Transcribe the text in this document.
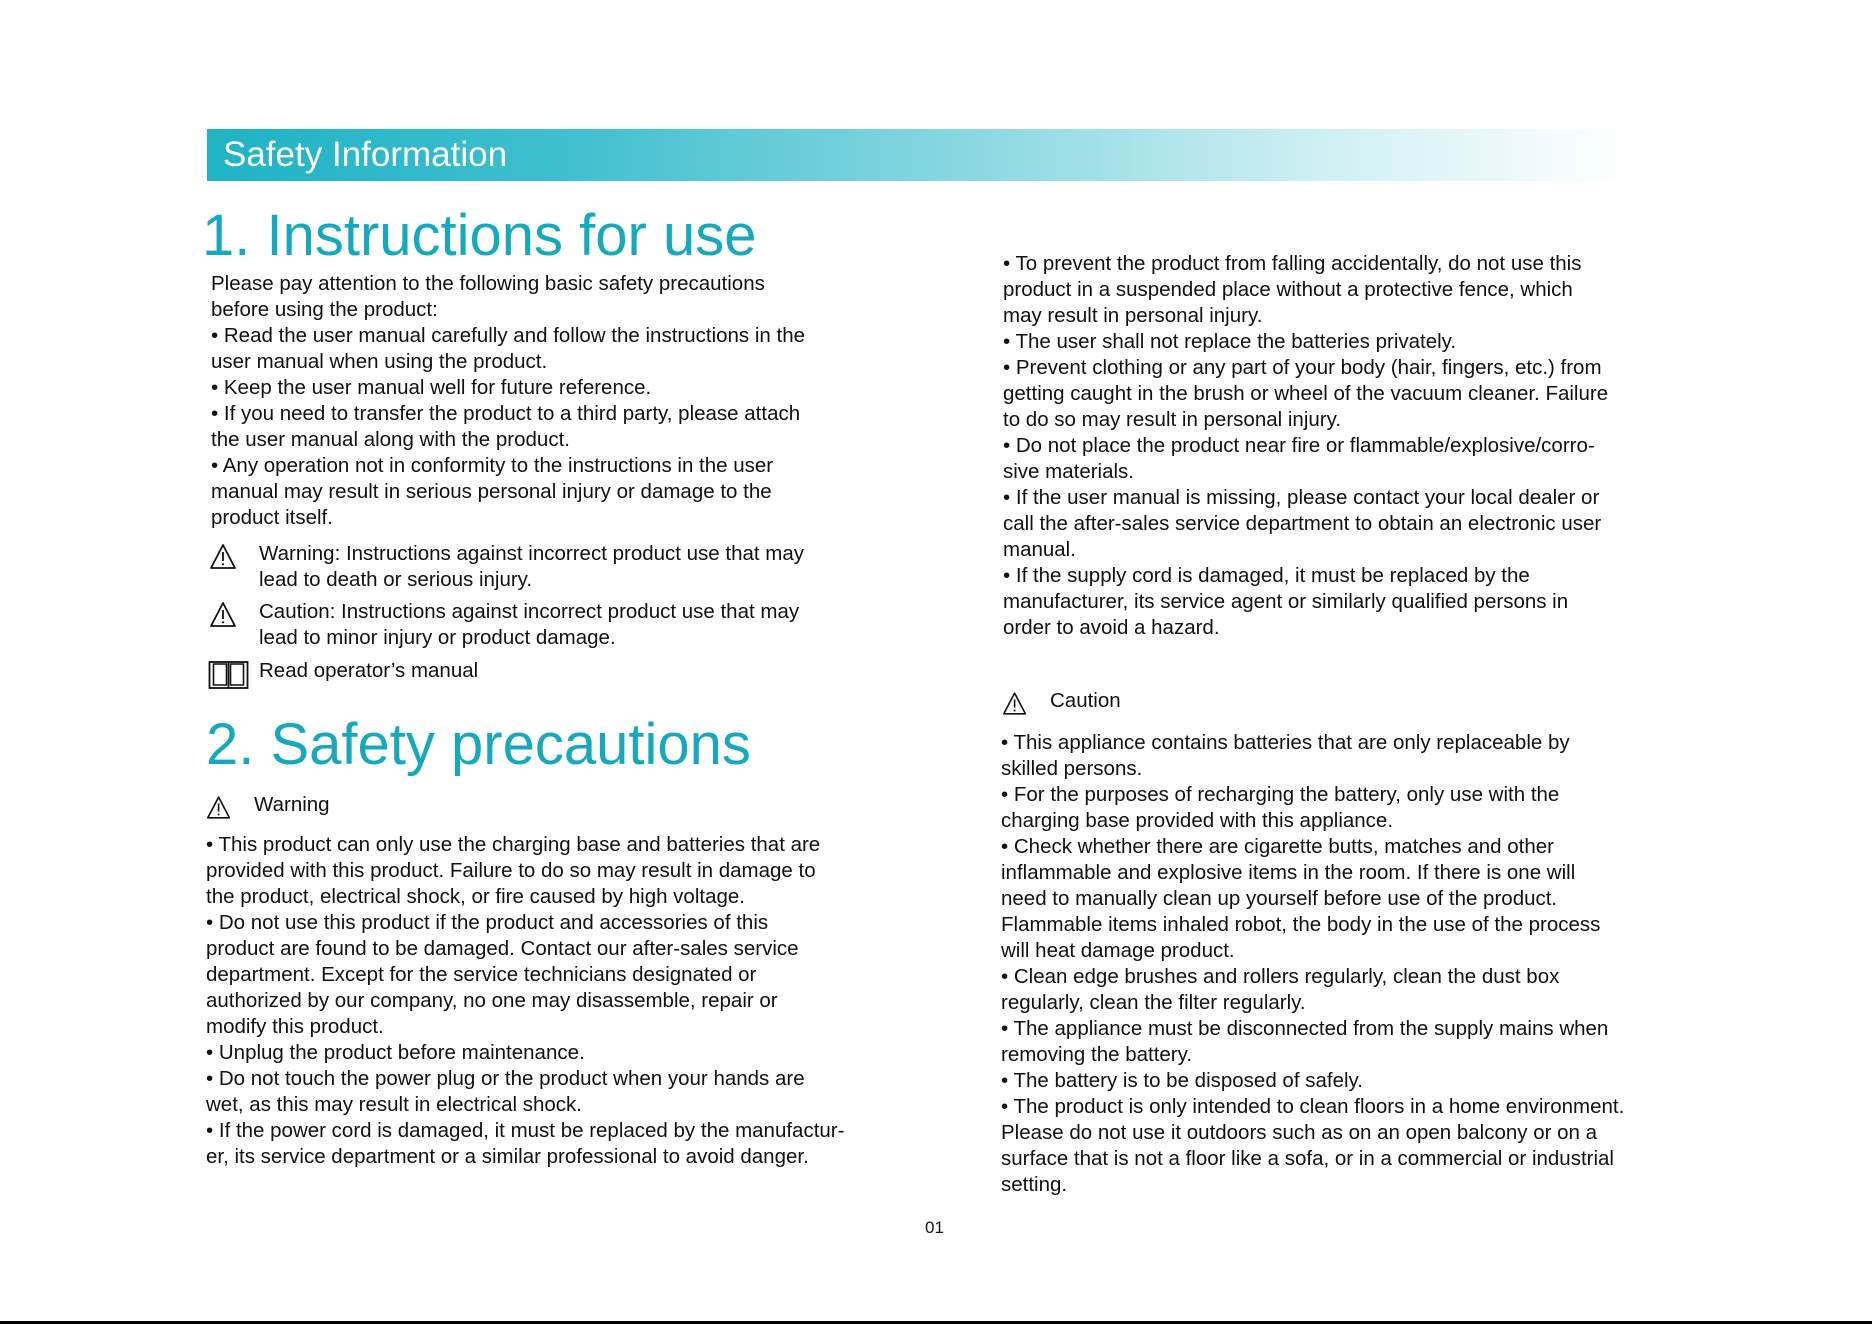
Safety Information
1. Instructions for use

Please pay attention to the following basic safety precautions

before using the product:

• Read the user manual carefully and follow the instructions in the

user manual when using the product.

• Keep the user manual well for future reference.

• If you need to transfer the product to a third party, please attach

the user manual along with the product.

• Any operation not in conformity to the instructions in the user

manual may result in serious personal injury or damage to the

product itself.

Warning: Instructions against incorrect product use that may

lead to death or serious injury.

Caution: Instructions against incorrect product use that may

lead to minor injury or product damage.

Read operator’s manual

2. Safety precautions

Warning

• This product can only use the charging base and batteries that are

provided with this product. Failure to do so may result in damage to

the product, electrical shock, or fire caused by high voltage.

• Do not use this product if the product and accessories of this

product are found to be damaged. Contact our after-sales service

department. Except for the service technicians designated or

authorized by our company, no one may disassemble, repair or

modify this product.

• Unplug the product before maintenance.

• Do not touch the power plug or the product when your hands are

wet, as this may result in electrical shock.

• If the power cord is damaged, it must be replaced by the manufactur-

er, its service department or a similar professional to avoid danger.

• To prevent the product from falling accidentally, do not use this

product in a suspended place without a protective fence, which

may result in personal injury.

• The user shall not replace the batteries privately.

• Prevent clothing or any part of your body (hair, fingers, etc.) from

getting caught in the brush or wheel of the vacuum cleaner. Failure

to do so may result in personal injury.

• Do not place the product near fire or flammable/explosive/corro-

sive materials.

• If the user manual is missing, please contact your local dealer or

call the after-sales service department to obtain an electronic user

manual.

• If the supply cord is damaged, it must be replaced by the

manufacturer, its service agent or similarly qualified persons in

order to avoid a hazard.

Caution

• This appliance contains batteries that are only replaceable by

skilled persons.

• For the purposes of recharging the battery, only use with the

charging base provided with this appliance.

• Check whether there are cigarette butts, matches and other

inflammable and explosive items in the room. If there is one will

need to manually clean up yourself before use of the product.

Flammable items inhaled robot, the body in the use of the process

will heat damage product.

• Clean edge brushes and rollers regularly, clean the dust box

regularly, clean the filter regularly.

• The appliance must be disconnected from the supply mains when

removing the battery.

• The battery is to be disposed of safely.

• The product is only intended to clean floors in a home environment.

Please do not use it outdoors such as on an open balcony or on a

surface that is not a floor like a sofa, or in a commercial or industrial

setting.

01
